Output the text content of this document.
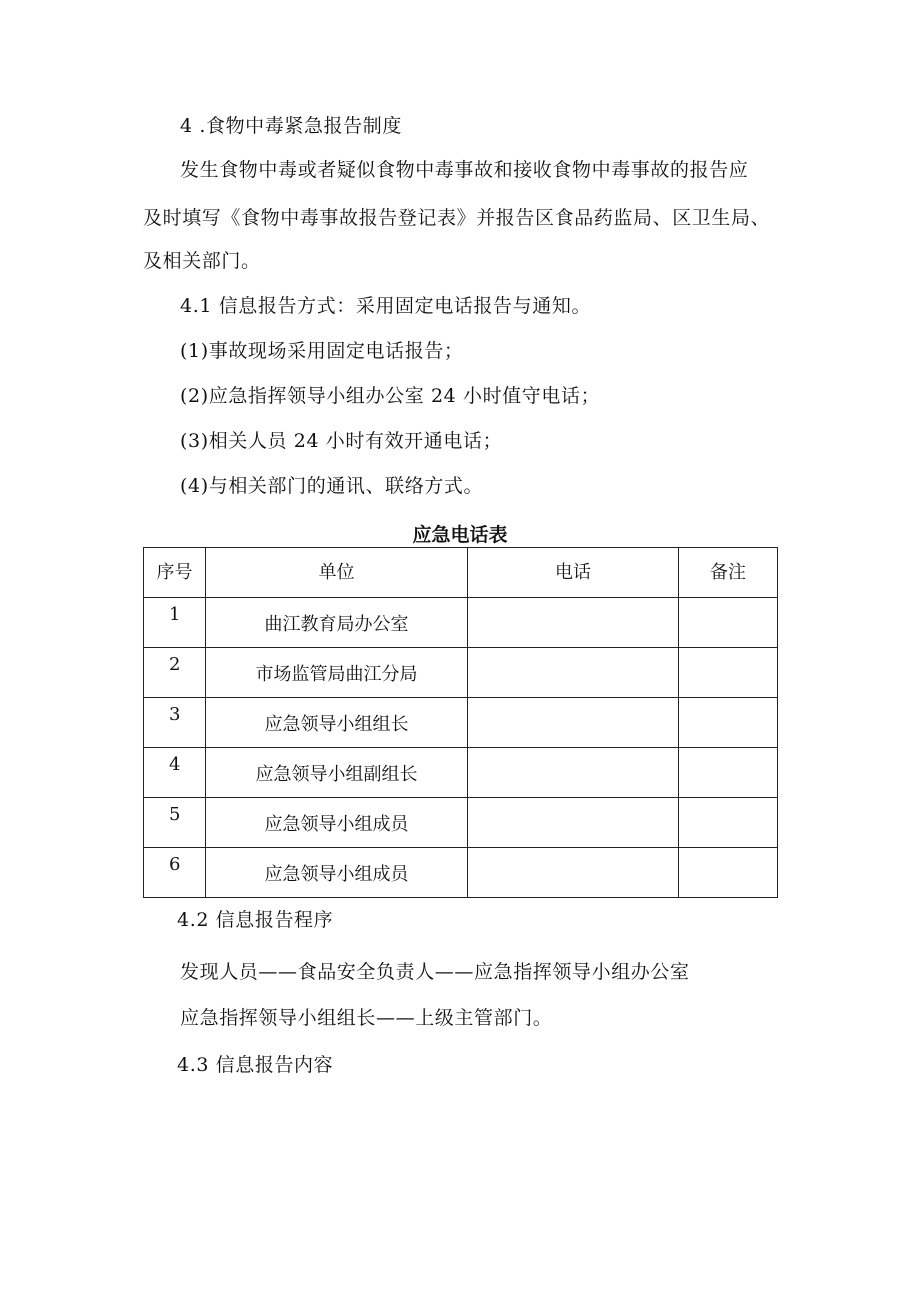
4 .食物中毒紧急报告制度
发生食物中毒或者疑似食物中毒事故和接收食物中毒事故的报告应
及时填写《食物中毒事故报告登记表》并报告区食品药监局、区卫生局、
及相关部门。
4.1 信息报告方式：采用固定电话报告与通知。
(1)事故现场采用固定电话报告；
(2)应急指挥领导小组办公室 24 小时值守电话；
(3)相关人员 24 小时有效开通电话；
(4)与相关部门的通讯、联络方式。
应急电话表
序号	单位	电话	备注
1	曲江教育局办公室		
2	市场监管局曲江分局		
3	应急领导小组组长		
4	应急领导小组副组长		
5	应急领导小组成员		
6	应急领导小组成员		
4.2 信息报告程序
发现人员——食品安全负责人——应急指挥领导小组办公室
应急指挥领导小组组长——上级主管部门。
4.3 信息报告内容
